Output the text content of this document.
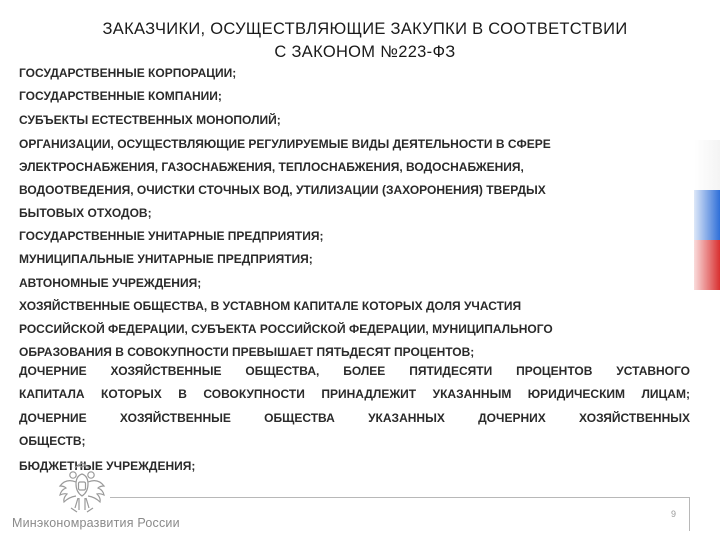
ЗАКАЗЧИКИ, ОСУЩЕСТВЛЯЮЩИЕ ЗАКУПКИ В СООТВЕТСТВИИ
С ЗАКОНОМ №223-ФЗ
ГОСУДАРСТВЕННЫЕ КОРПОРАЦИИ;
ГОСУДАРСТВЕННЫЕ КОМПАНИИ;
СУБЪЕКТЫ ЕСТЕСТВЕННЫХ МОНОПОЛИЙ;
ОРГАНИЗАЦИИ, ОСУЩЕСТВЛЯЮЩИЕ РЕГУЛИРУЕМЫЕ ВИДЫ ДЕЯТЕЛЬНОСТИ В СФЕРЕ
ЭЛЕКТРОСНАБЖЕНИЯ, ГАЗОСНАБЖЕНИЯ, ТЕПЛОСНАБЖЕНИЯ, ВОДОСНАБЖЕНИЯ,
ВОДООТВЕДЕНИЯ, ОЧИСТКИ СТОЧНЫХ ВОД, УТИЛИЗАЦИИ (ЗАХОРОНЕНИЯ) ТВЕРДЫХ
БЫТОВЫХ ОТХОДОВ;
ГОСУДАРСТВЕННЫЕ УНИТАРНЫЕ ПРЕДПРИЯТИЯ;
МУНИЦИПАЛЬНЫЕ УНИТАРНЫЕ ПРЕДПРИЯТИЯ;
АВТОНОМНЫЕ УЧРЕЖДЕНИЯ;
ХОЗЯЙСТВЕННЫЕ ОБЩЕСТВА, В УСТАВНОМ КАПИТАЛЕ КОТОРЫХ ДОЛЯ УЧАСТИЯ
РОССИЙСКОЙ ФЕДЕРАЦИИ, СУБЪЕКТА РОССИЙСКОЙ ФЕДЕРАЦИИ, МУНИЦИПАЛЬНОГО
ОБРАЗОВАНИЯ В СОВОКУПНОСТИ ПРЕВЫШАЕТ ПЯТЬДЕСЯТ ПРОЦЕНТОВ;
ДОЧЕРНИЕ ХОЗЯЙСТВЕННЫЕ ОБЩЕСТВА, БОЛЕЕ ПЯТИДЕСЯТИ ПРОЦЕНТОВ УСТАВНОГО
КАПИТАЛА КОТОРЫХ В СОВОКУПНОСТИ ПРИНАДЛЕЖИТ УКАЗАННЫМ ЮРИДИЧЕСКИМ ЛИЦАМ;
ДОЧЕРНИЕ	ХОЗЯЙСТВЕННЫЕ	ОБЩЕСТВА	УКАЗАННЫХ	ДОЧЕРНИХ	ХОЗЯЙСТВЕННЫХ
ОБЩЕСТВ;
БЮДЖЕТНЫЕ УЧРЕЖДЕНИЯ;
Минэкономразвития России
9
